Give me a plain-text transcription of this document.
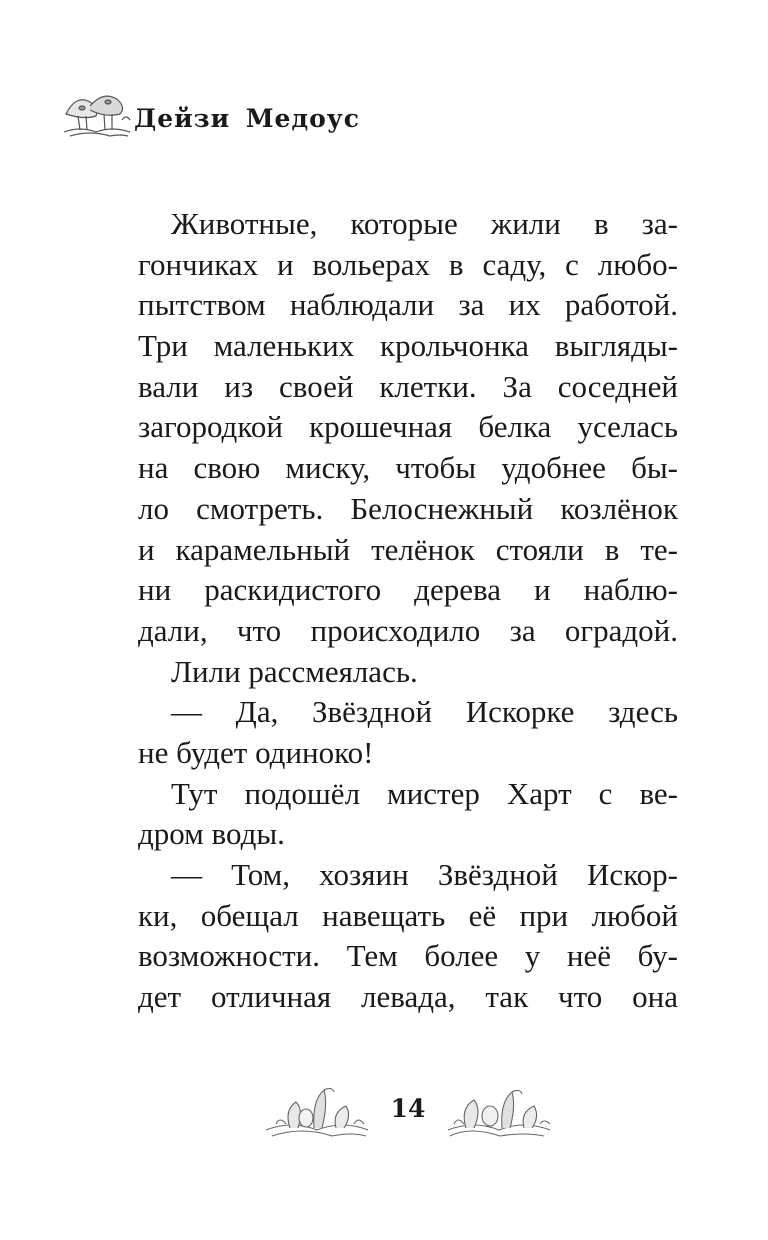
Дейзи Медоус
Животные, которые жили в за-
гончиках и вольерах в саду, с любо-
пытством наблюдали за их работой.
Три маленьких крольчонка выгляды-
вали из своей клетки. За соседней
загородкой крошечная белка уселась
на свою миску, чтобы удобнее бы-
ло смотреть. Белоснежный козлёнок
и карамельный телёнок стояли в те-
ни раскидистого дерева и наблю-
дали, что происходило за оградой.
Лили рассмеялась.
— Да, Звёздной Искорке здесь
не будет одиноко!
Тут подошёл мистер Харт с ве-
дром воды.
— Том, хозяин Звёздной Искор-
ки, обещал навещать её при любой
возможности. Тем более у неё бу-
дет отличная левада, так что она
14
